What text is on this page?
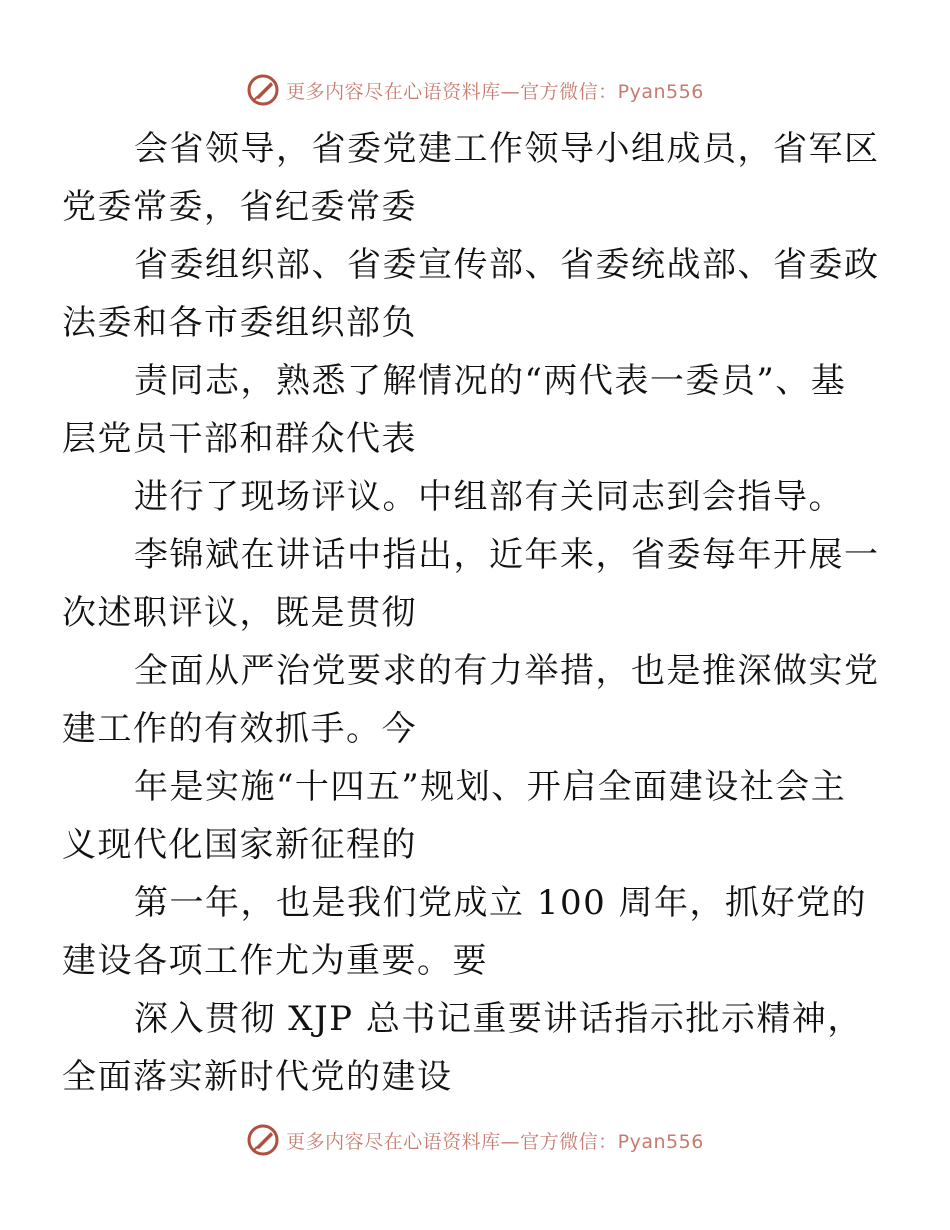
更多内容尽在心语资料库—官方微信：Pyan556

会省领导，省委党建工作领导小组成员，省军区
党委常委，省纪委常委

省委组织部、省委宣传部、省委统战部、省委政
法委和各市委组织部负

责同志，熟悉了解情况的“两代表一委员”、基
层党员干部和群众代表

进行了现场评议。中组部有关同志到会指导。

李锦斌在讲话中指出，近年来，省委每年开展一
次述职评议，既是贯彻

全面从严治党要求的有力举措，也是推深做实党
建工作的有效抓手。今

年是实施“十四五”规划、开启全面建设社会主
义现代化国家新征程的

第一年，也是我们党成立 100 周年，抓好党的
建设各项工作尤为重要。要

深入贯彻 XJP 总书记重要讲话指示批示精神，
全面落实新时代党的建设

更多内容尽在心语资料库—官方微信：Pyan556
